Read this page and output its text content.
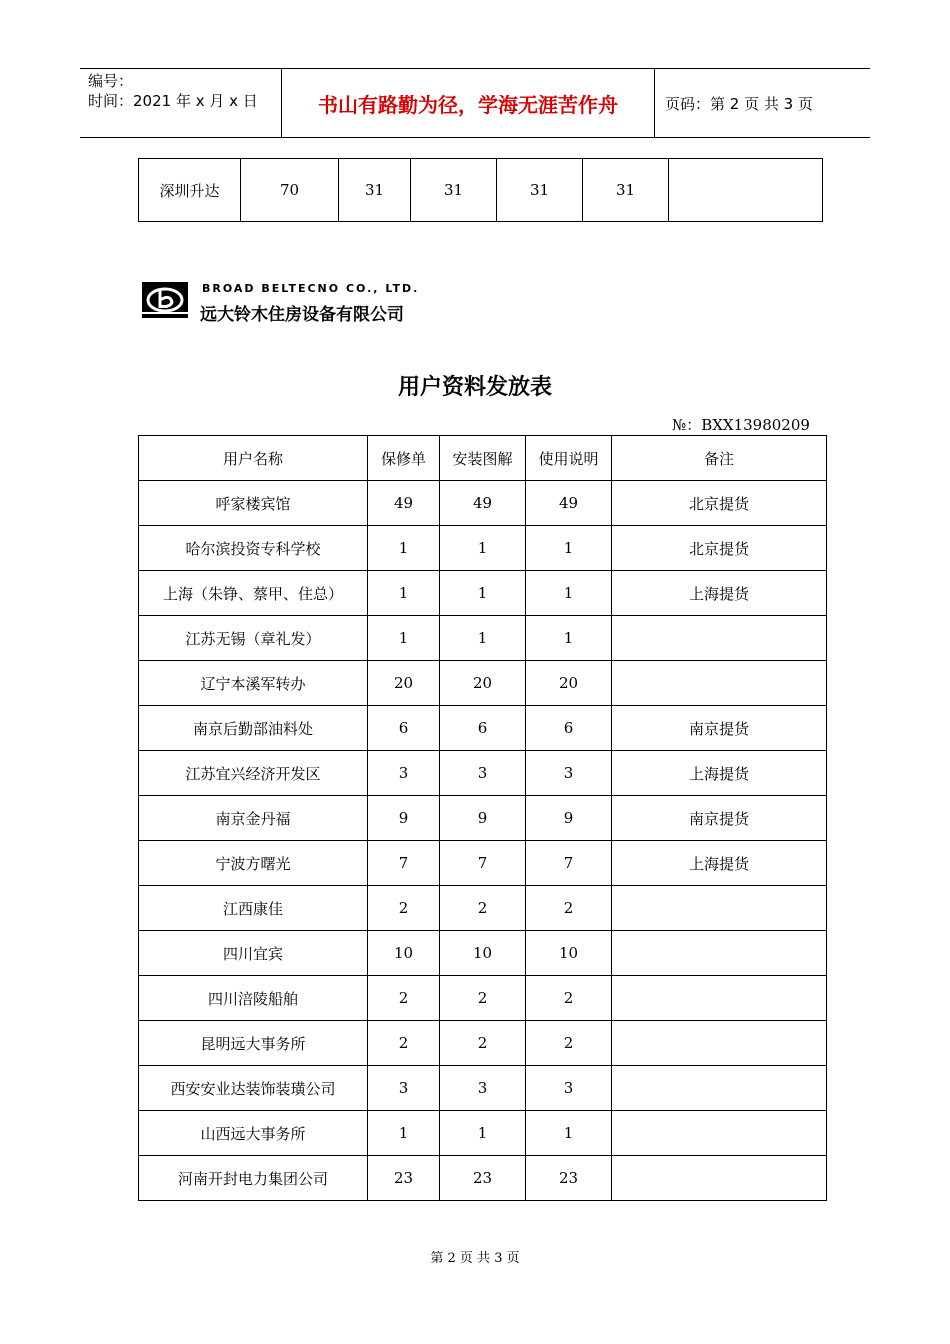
编号：
时间：2021 年 x 月 x 日	书山有路勤为径，学海无涯苦作舟	页码：第 2 页 共 3 页
深圳升达	70	31	31	31	31	
BROAD BELTECNO CO., LTD.
远大铃木住房设备有限公司
用户资料发放表
№：BXX13980209
用户名称	保修单	安装图解	使用说明	备注
呼家楼宾馆	49	49	49	北京提货
哈尔滨投资专科学校	1	1	1	北京提货
上海（朱铮、蔡甲、住总）	1	1	1	上海提货
江苏无锡（章礼发）	1	1	1	
辽宁本溪军转办	20	20	20	
南京后勤部油料处	6	6	6	南京提货
江苏宜兴经济开发区	3	3	3	上海提货
南京金丹福	9	9	9	南京提货
宁波方曙光	7	7	7	上海提货
江西康佳	2	2	2	
四川宜宾	10	10	10	
四川涪陵船舶	2	2	2	
昆明远大事务所	2	2	2	
西安安业达装饰装璜公司	3	3	3	
山西远大事务所	1	1	1	
河南开封电力集团公司	23	23	23	
第 2 页 共 3 页
